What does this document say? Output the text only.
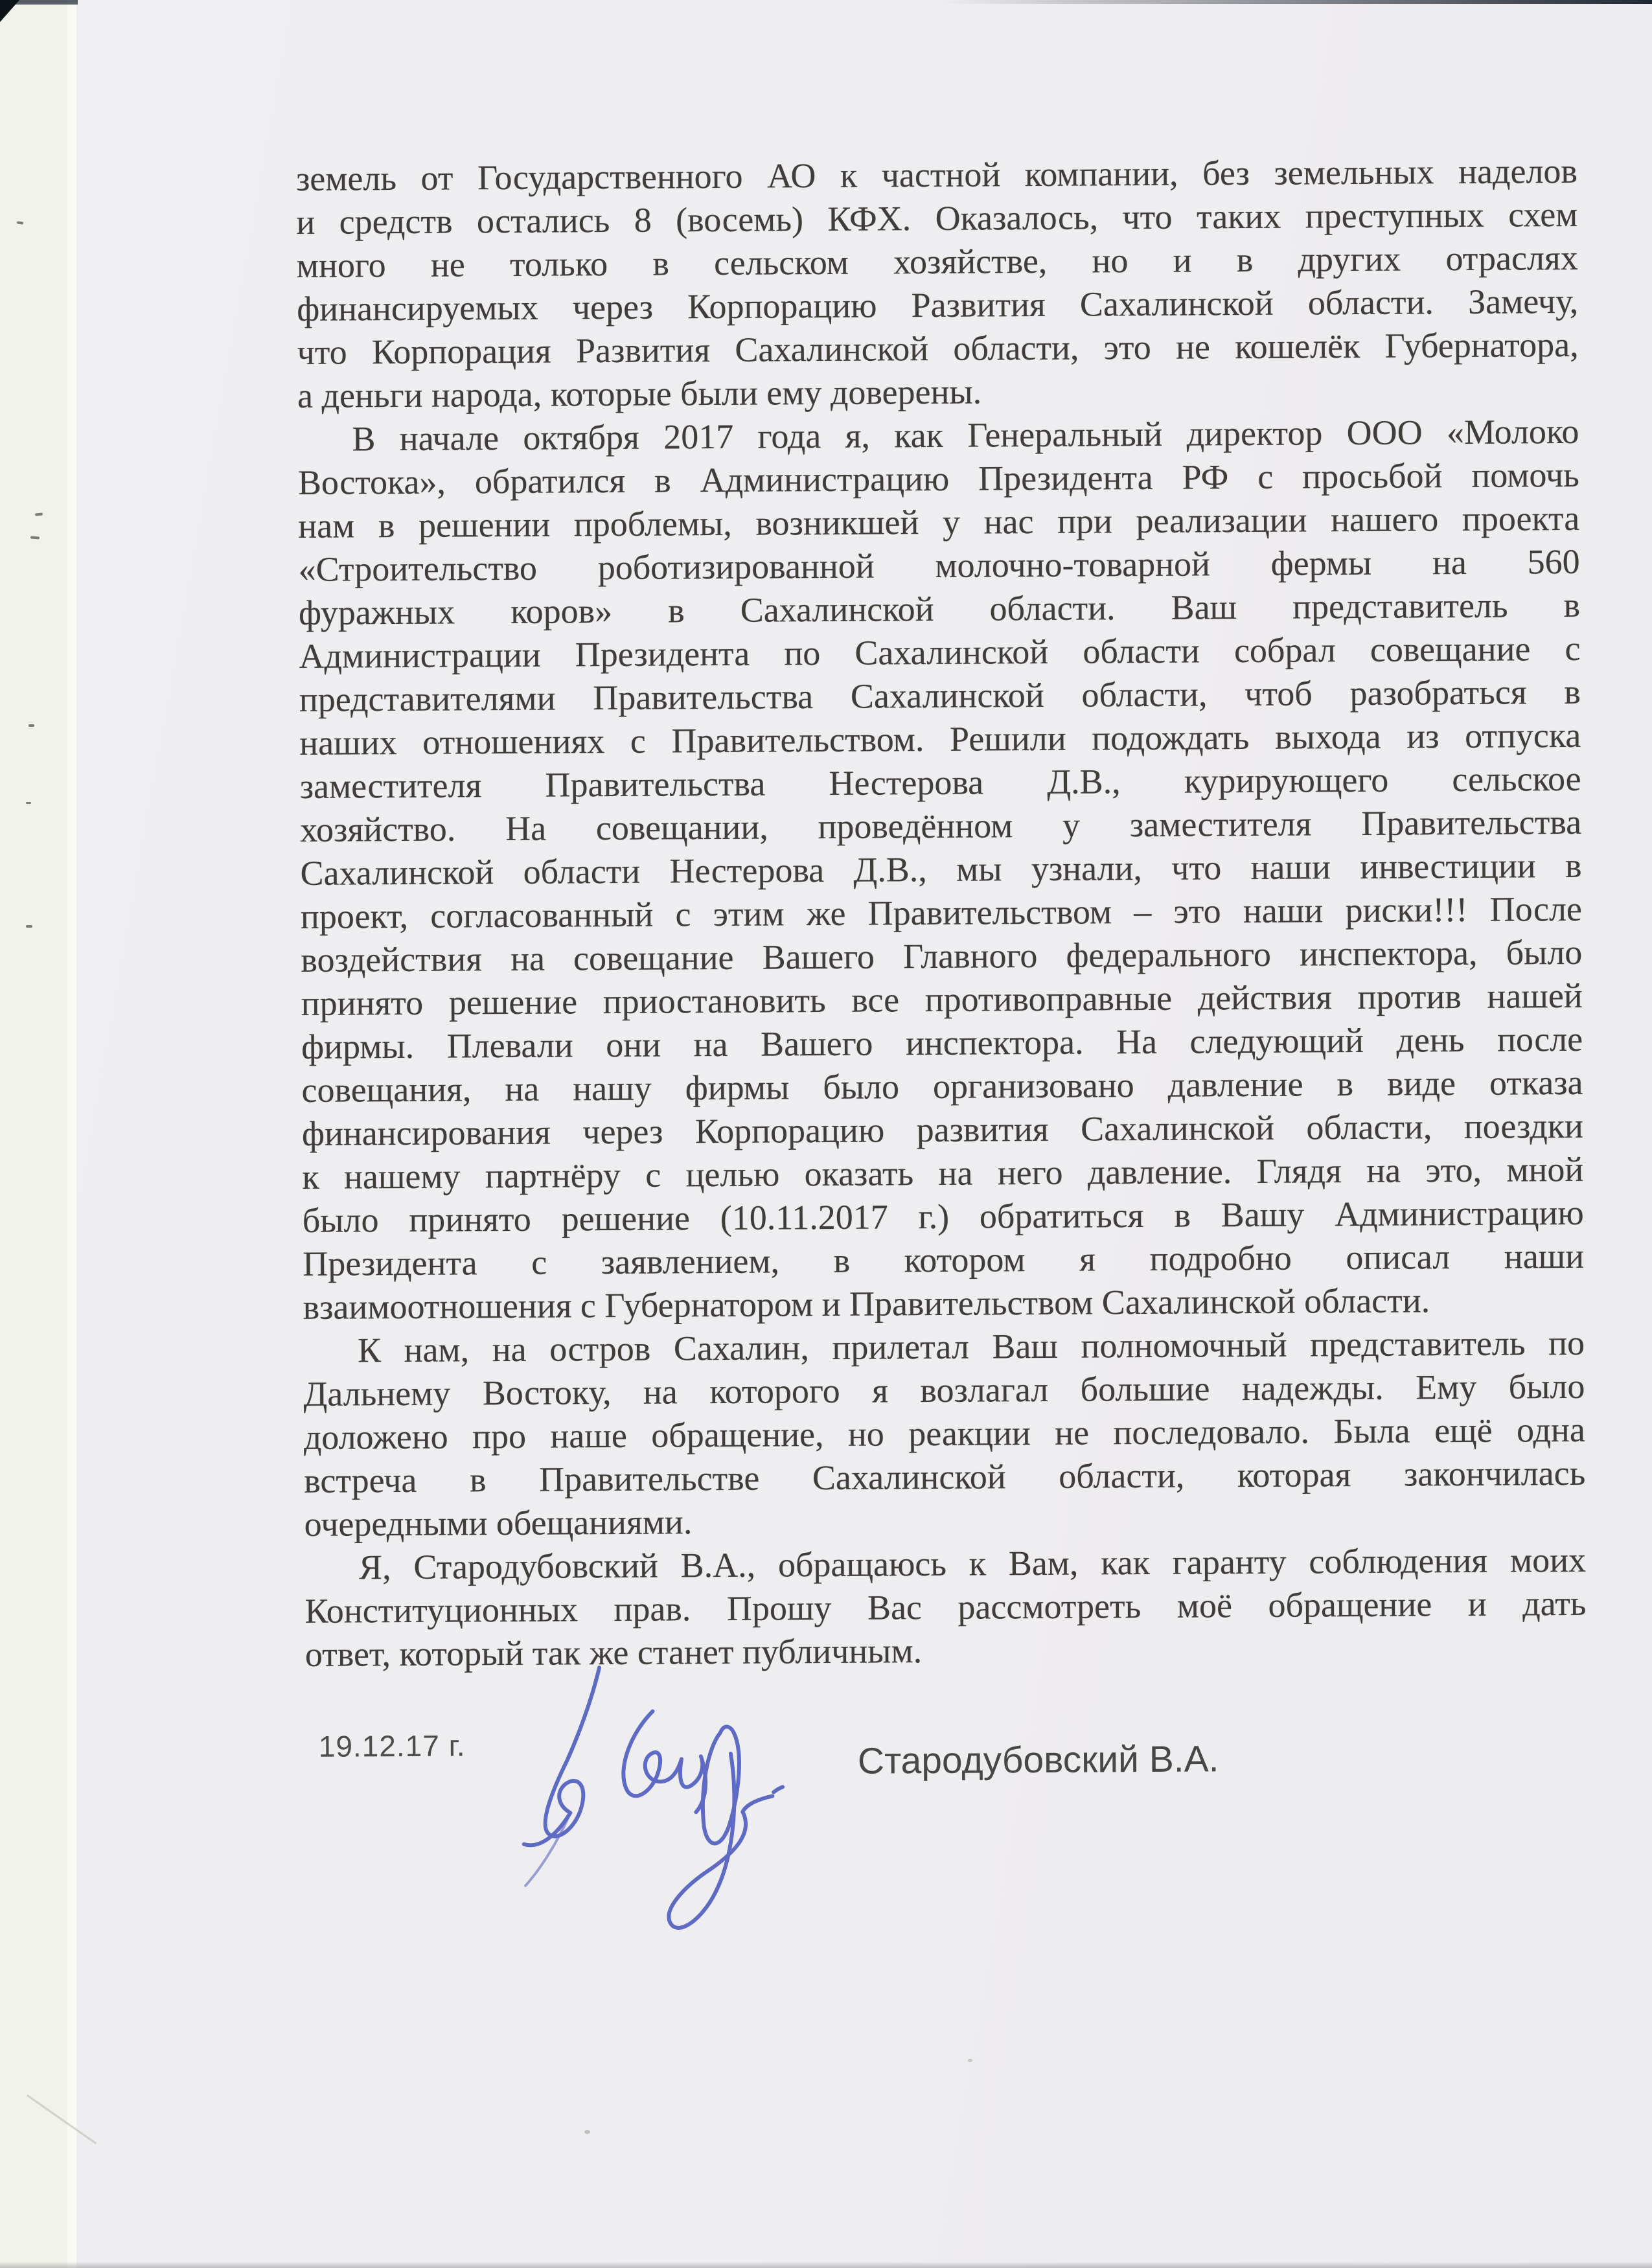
земель от Государственного АО к частной компании, без земельных наделов
и средств остались 8 (восемь) КФХ. Оказалось, что таких преступных схем
много не только в сельском хозяйстве, но и в других отраслях
финансируемых через Корпорацию Развития Сахалинской области. Замечу,
что Корпорация Развития Сахалинской области, это не кошелёк Губернатора,
а деньги народа, которые были ему доверены.
В начале октября 2017 года я, как Генеральный директор ООО «Молоко
Востока», обратился в Администрацию Президента РФ с просьбой помочь
нам в решении проблемы, возникшей у нас при реализации нашего проекта
«Строительство роботизированной молочно-товарной фермы на 560
фуражных коров» в Сахалинской области. Ваш представитель в
Администрации Президента по Сахалинской области собрал совещание с
представителями Правительства Сахалинской области, чтоб разобраться в
наших отношениях с Правительством. Решили подождать выхода из отпуска
заместителя Правительства Нестерова Д.В., курирующего сельское
хозяйство. На совещании, проведённом у заместителя Правительства
Сахалинской области Нестерова Д.В., мы узнали, что наши инвестиции в
проект, согласованный с этим же Правительством – это наши риски!!! После
воздействия на совещание Вашего Главного федерального инспектора, было
принято решение приостановить все противоправные действия против нашей
фирмы. Плевали они на Вашего инспектора. На следующий день после
совещания, на нашу фирмы было организовано давление в виде отказа
финансирования через Корпорацию развития Сахалинской области, поездки
к нашему партнёру с целью оказать на него давление. Глядя на это, мной
было принято решение (10.11.2017 г.) обратиться в Вашу Администрацию
Президента с заявлением, в котором я подробно описал наши
взаимоотношения с Губернатором и Правительством Сахалинской области.
К нам, на остров Сахалин, прилетал Ваш полномочный представитель по
Дальнему Востоку, на которого я возлагал большие надежды. Ему было
доложено про наше обращение, но реакции не последовало. Была ещё одна
встреча в Правительстве Сахалинской области, которая закончилась
очередными обещаниями.
Я, Стародубовский В.А., обращаюсь к Вам, как гаранту соблюдения моих
Конституционных прав. Прошу Вас рассмотреть моё обращение и дать
ответ, который так же станет публичным.
19.12.17 г.	Стародубовский В.А.
